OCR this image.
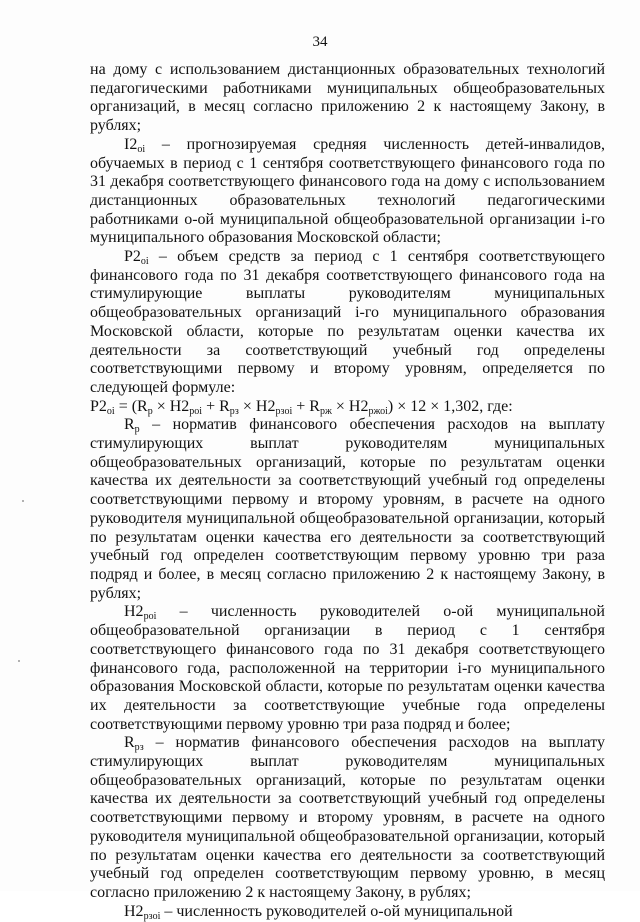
34

на дому с использованием дистанционных образовательных технологий педагогическими работниками муниципальных общеобразовательных организаций, в месяц согласно приложению 2 к настоящему Закону, в рублях;

$I2_{oi}$ – прогнозируемая средняя численность детей-инвалидов, обучаемых в период с 1 сентября соответствующего финансового года по 31 декабря соответствующего финансового года на дому с использованием дистанционных образовательных технологий педагогическими работниками о-ой муниципальной общеобразовательной организации i-го муниципального образования Московской области;

$P2_{oi}$ – объем средств за период с 1 сентября соответствующего финансового года по 31 декабря соответствующего финансового года на стимулирующие выплаты руководителям муниципальных общеобразовательных организаций i-го муниципального образования Московской области, которые по результатам оценки качества их деятельности за соответствующий учебный год определены соответствующими первому и второму уровням, определяется по следующей формуле:

$P2_{oi} = (R_р \times H2_{poi} + R_{рз} \times H2_{рзоi} + R_{рж} \times H2_{ржоi}) \times 12 \times 1,302$, где:

$R_р$ – норматив финансового обеспечения расходов на выплату стимулирующих выплат руководителям муниципальных общеобразовательных организаций, которые по результатам оценки качества их деятельности за соответствующий учебный год определены соответствующими первому и второму уровням, в расчете на одного руководителя муниципальной общеобразовательной организации, который по результатам оценки качества его деятельности за соответствующий учебный год определен соответствующим первому уровню три раза подряд и более, в месяц согласно приложению 2 к настоящему Закону, в рублях;

$H2_{poi}$ – численность руководителей о-ой муниципальной общеобразовательной организации в период с 1 сентября соответствующего финансового года по 31 декабря соответствующего финансового года, расположенной на территории i-го муниципального образования Московской области, которые по результатам оценки качества их деятельности за соответствующие учебные года определены соответствующими первому уровню три раза подряд и более;

$R_{рз}$ – норматив финансового обеспечения расходов на выплату стимулирующих выплат руководителям муниципальных общеобразовательных организаций, которые по результатам оценки качества их деятельности за соответствующий учебный год определены соответствующими первому и второму уровням, в расчете на одного руководителя муниципальной общеобразовательной организации, который по результатам оценки качества его деятельности за соответствующий учебный год определен соответствующим первому уровню, в месяц согласно приложению 2 к настоящему Закону, в рублях;

$H2_{рзоi}$ – численность руководителей о-ой муниципальной
